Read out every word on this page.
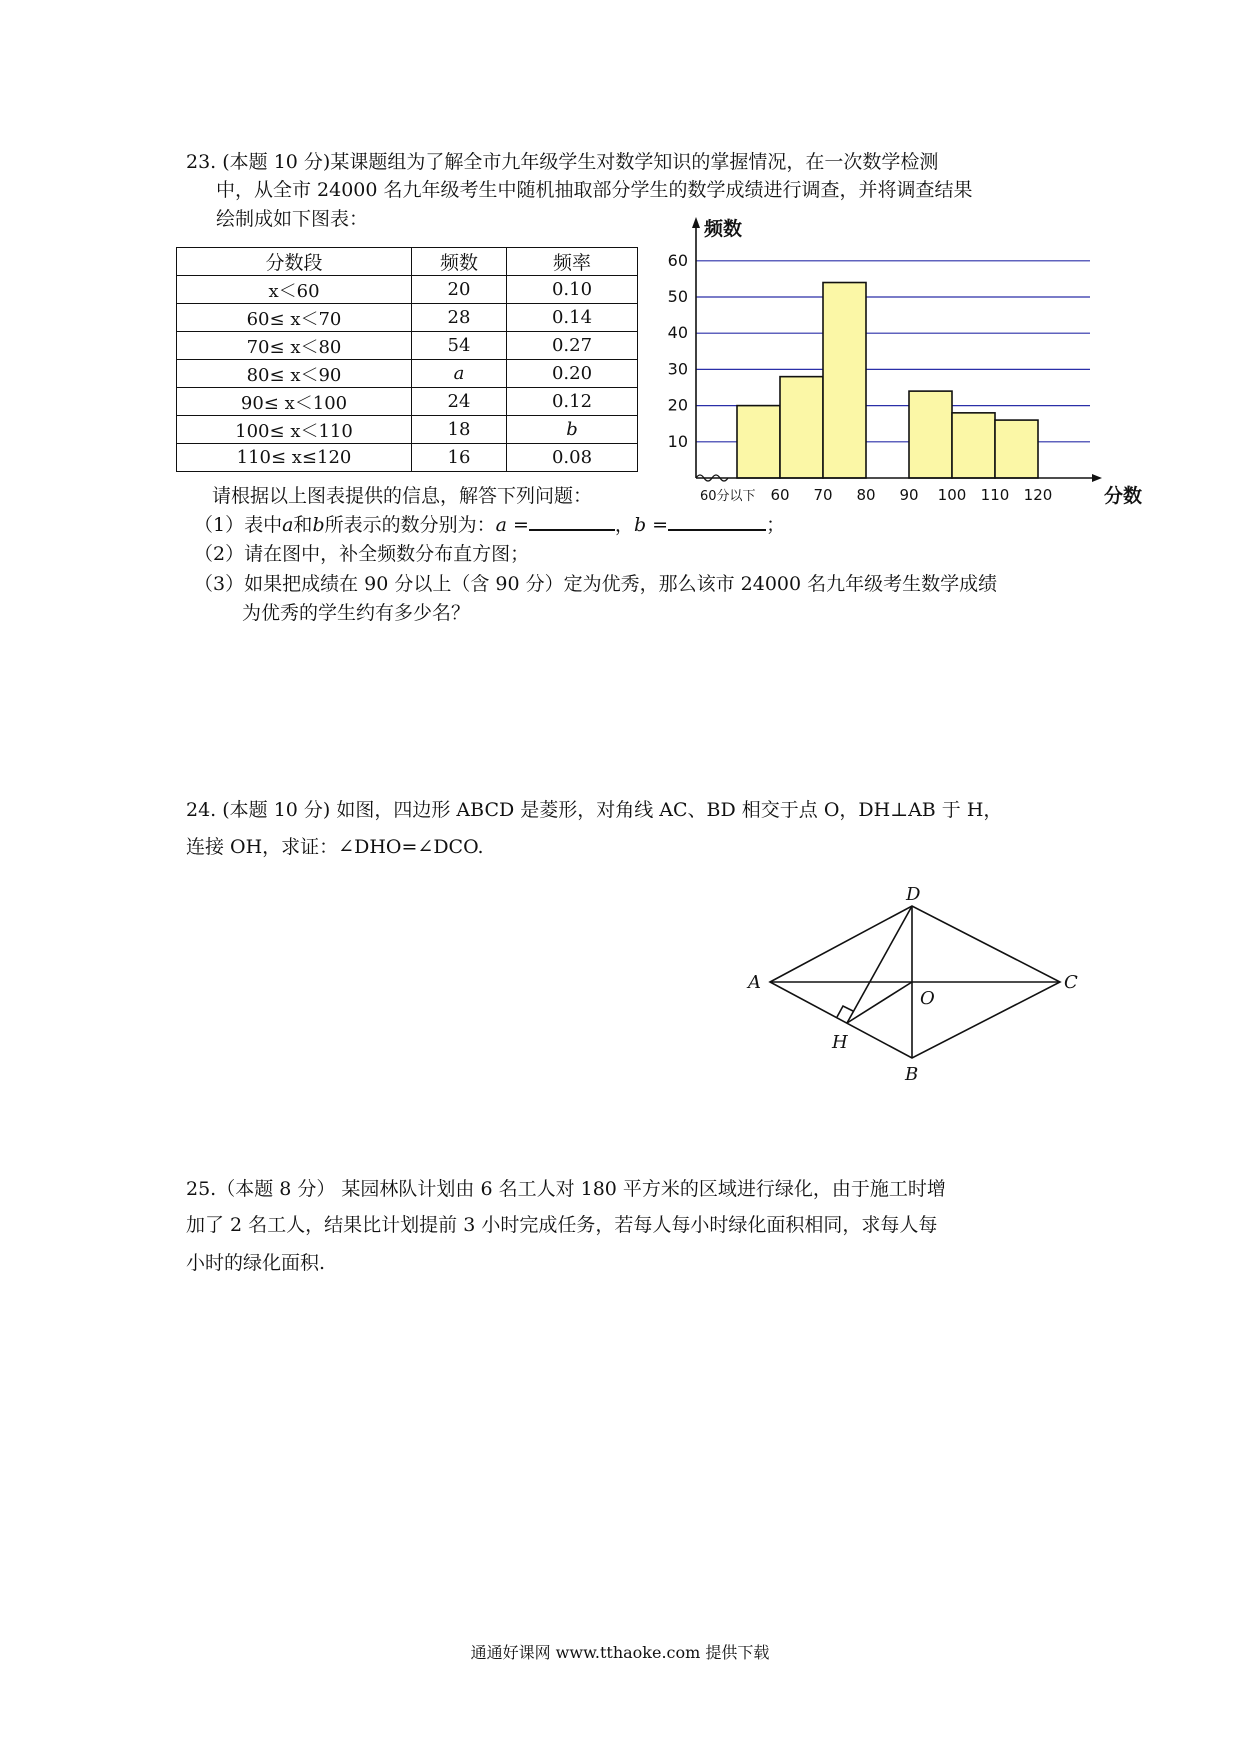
23. (本题 10 分)某课题组为了解全市九年级学生对数学知识的掌握情况，在一次数学检测
中，从全市 24000 名九年级考生中随机抽取部分学生的数学成绩进行调查，并将调查结果
绘制成如下图表：
分数段	频数	频率
x＜60	20	0.10
60≤ x＜70	28	0.14
70≤ x＜80	54	0.27
80≤ x＜90	a	0.20
90≤ x＜100	24	0.12
100≤ x＜110	18	b
110≤ x≤120	16	0.08
10
20
30
40
50
60
频数
分数
60分以下 60 70 80 90 100 110 120
请根据以上图表提供的信息，解答下列问题：
（1）表中a和b所表示的数分别为：a =	，b =	；
（2）请在图中，补全频数分布直方图；
（3）如果把成绩在 90 分以上（含 90 分）定为优秀，那么该市 24000 名九年级考生数学成绩
为优秀的学生约有多少名？
24. (本题 10 分) 如图，四边形 ABCD 是菱形，对角线 AC、BD 相交于点 O，DH⊥AB 于 H，
连接 OH，求证：∠DHO=∠DCO.
D
A
O
C
H
B
25.（本题 8 分） 某园林队计划由 6 名工人对 180 平方米的区域进行绿化，由于施工时增
加了 2 名工人，结果比计划提前 3 小时完成任务，若每人每小时绿化面积相同，求每人每
小时的绿化面积.
通通好课网 www.tthaoke.com 提供下载
